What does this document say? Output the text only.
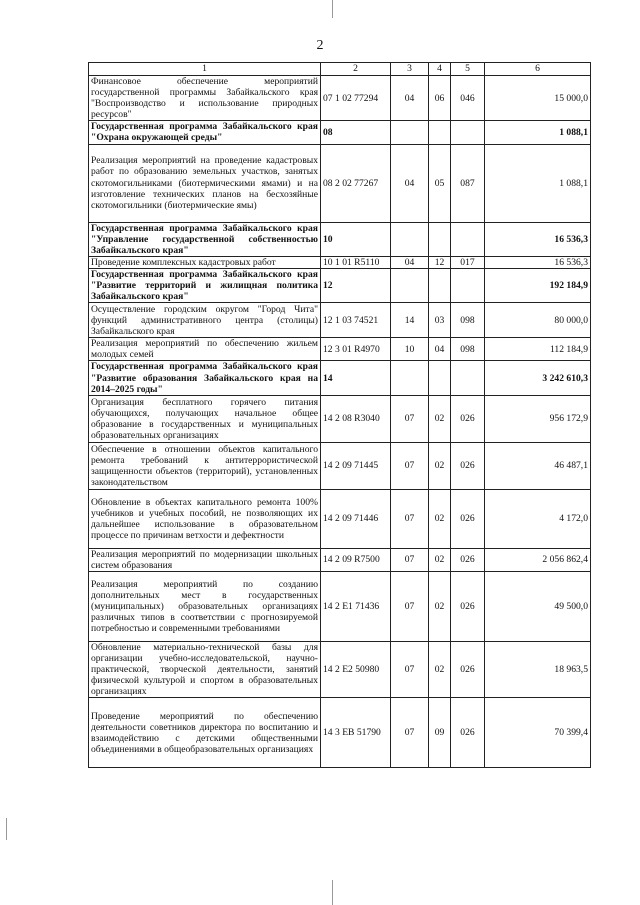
2
1	2	3	4	5	6
Финансовое обеспечение мероприятий государственной программы Забайкальского края "Воспроизводство и использование природных ресурсов"	07 1 02 77294	04	06	046	15 000,0
Государственная программа Забайкальского края "Охрана окружающей среды"	08				1 088,1
Реализация мероприятий на проведение кадастровых работ по образованию земельных участков, занятых скотомогильниками (биотермическими ямами) и на изготовление технических планов на бесхозяйные скотомогильники (биотермические ямы)	08 2 02 77267	04	05	087	1 088,1
Государственная программа Забайкальского края "Управление государственной собственностью Забайкальского края"	10				16 536,3
Проведение комплексных кадастровых работ	10 1 01 R5110	04	12	017	16 536,3
Государственная программа Забайкальского края "Развитие территорий и жилищная политика Забайкальского края"	12				192 184,9
Осуществление городским округом "Город Чита" функций административного центра (столицы) Забайкальского края	12 1 03 74521	14	03	098	80 000,0
Реализация мероприятий по обеспечению жильем молодых семей	12 3 01 R4970	10	04	098	112 184,9
Государственная программа Забайкальского края "Развитие образования Забайкальского края на 2014–2025 годы"	14				3 242 610,3
Организация бесплатного горячего питания обучающихся, получающих начальное общее образование в государственных и муниципальных образовательных организациях	14 2 08 R3040	07	02	026	956 172,9
Обеспечение в отношении объектов капитального ремонта требований к антитеррористической защищенности объектов (территорий), установленных законодательством	14 2 09 71445	07	02	026	46 487,1
Обновление в объектах капитального ремонта 100% учебников и учебных пособий, не позволяющих их дальнейшее использование в образовательном процессе по причинам ветхости и дефектности	14 2 09 71446	07	02	026	4 172,0
Реализация мероприятий по модернизации школьных систем образования	14 2 09 R7500	07	02	026	2 056 862,4
Реализация мероприятий по созданию дополнительных мест в государственных (муниципальных) образовательных организациях различных типов в соответствии с прогнозируемой потребностью и современными требованиями	14 2 E1 71436	07	02	026	49 500,0
Обновление материально-технической базы для организации учебно-исследовательской, научно-практической, творческой деятельности, занятий физической культурой и спортом в образовательных организациях	14 2 E2 50980	07	02	026	18 963,5
Проведение мероприятий по обеспечению деятельности советников директора по воспитанию и взаимодействию с детскими общественными объединениями в общеобразовательных организациях	14 3 EB 51790	07	09	026	70 399,4
